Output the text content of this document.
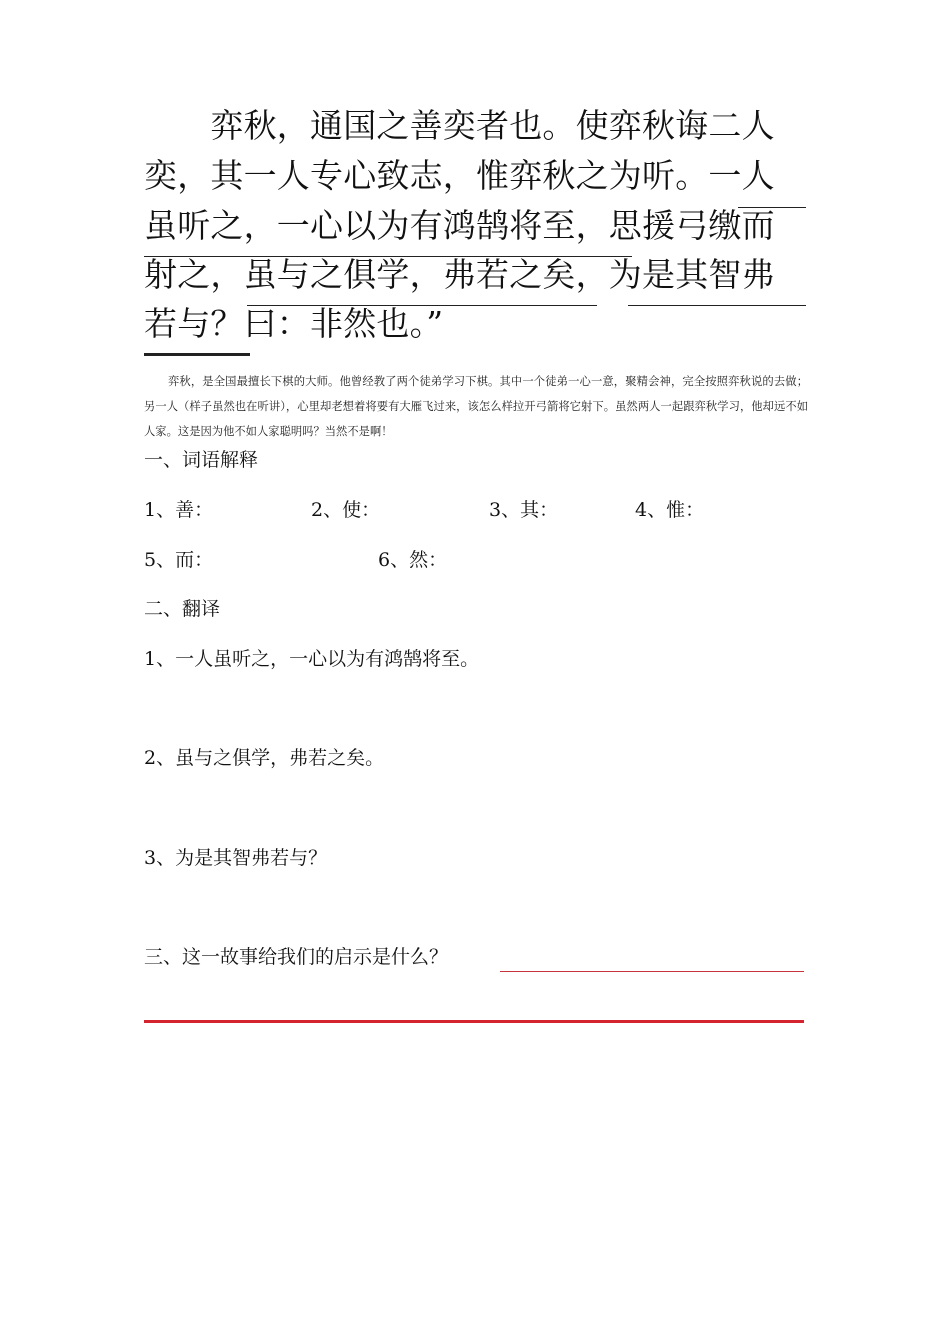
　　弈秋，通国之善奕者也。使弈秋诲二人
奕，其一人专心致志，惟弈秋之为听。一人
虽听之，一心以为有鸿鹄将至，思援弓缴而
射之，虽与之俱学，弗若之矣，为是其智弗
若与？曰：非然也。”
弈秋，是全国最擅长下棋的大师。他曾经教了两个徒弟学习下棋。其中一个徒弟一心一意，聚精会神，完全按照弈秋说的去做；另一人（样子虽然也在听讲），心里却老想着将要有大雁飞过来，该怎么样拉开弓箭将它射下。虽然两人一起跟弈秋学习，他却远不如人家。这是因为他不如人家聪明吗？当然不是啊！
一、词语解释
1、善：	2、使：	3、其：	4、惟：
5、而：	6、然：
二、翻译
1、一人虽听之，一心以为有鸿鹄将至。
2、虽与之俱学，弗若之矣。
3、为是其智弗若与？
三、这一故事给我们的启示是什么？
